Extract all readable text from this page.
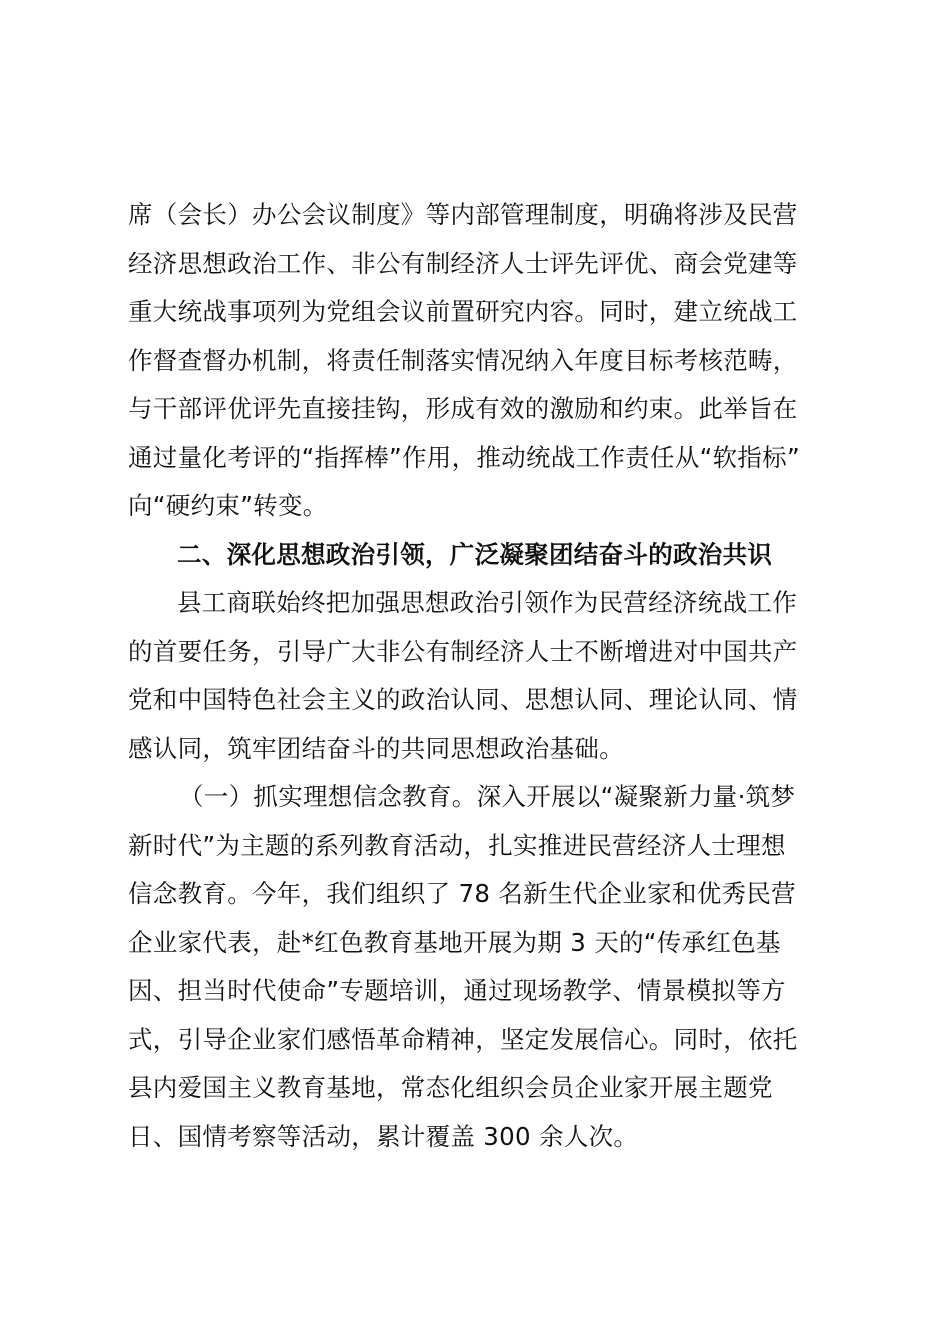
席（会长）办公会议制度》等内部管理制度，明确将涉及民营
经济思想政治工作、非公有制经济人士评先评优、商会党建等
重大统战事项列为党组会议前置研究内容。同时，建立统战工
作督查督办机制，将责任制落实情况纳入年度目标考核范畴，
与干部评优评先直接挂钩，形成有效的激励和约束。此举旨在
通过量化考评的“指挥棒”作用，推动统战工作责任从“软指标”
向“硬约束”转变。
二、深化思想政治引领，广泛凝聚团结奋斗的政治共识
县工商联始终把加强思想政治引领作为民营经济统战工作
的首要任务，引导广大非公有制经济人士不断增进对中国共产
党和中国特色社会主义的政治认同、思想认同、理论认同、情
感认同，筑牢团结奋斗的共同思想政治基础。
（一）抓实理想信念教育。深入开展以“凝聚新力量·筑梦
新时代”为主题的系列教育活动，扎实推进民营经济人士理想
信念教育。今年，我们组织了 78 名新生代企业家和优秀民营
企业家代表，赴*红色教育基地开展为期 3 天的“传承红色基
因、担当时代使命”专题培训，通过现场教学、情景模拟等方
式，引导企业家们感悟革命精神，坚定发展信心。同时，依托
县内爱国主义教育基地，常态化组织会员企业家开展主题党
日、国情考察等活动，累计覆盖 300 余人次。
